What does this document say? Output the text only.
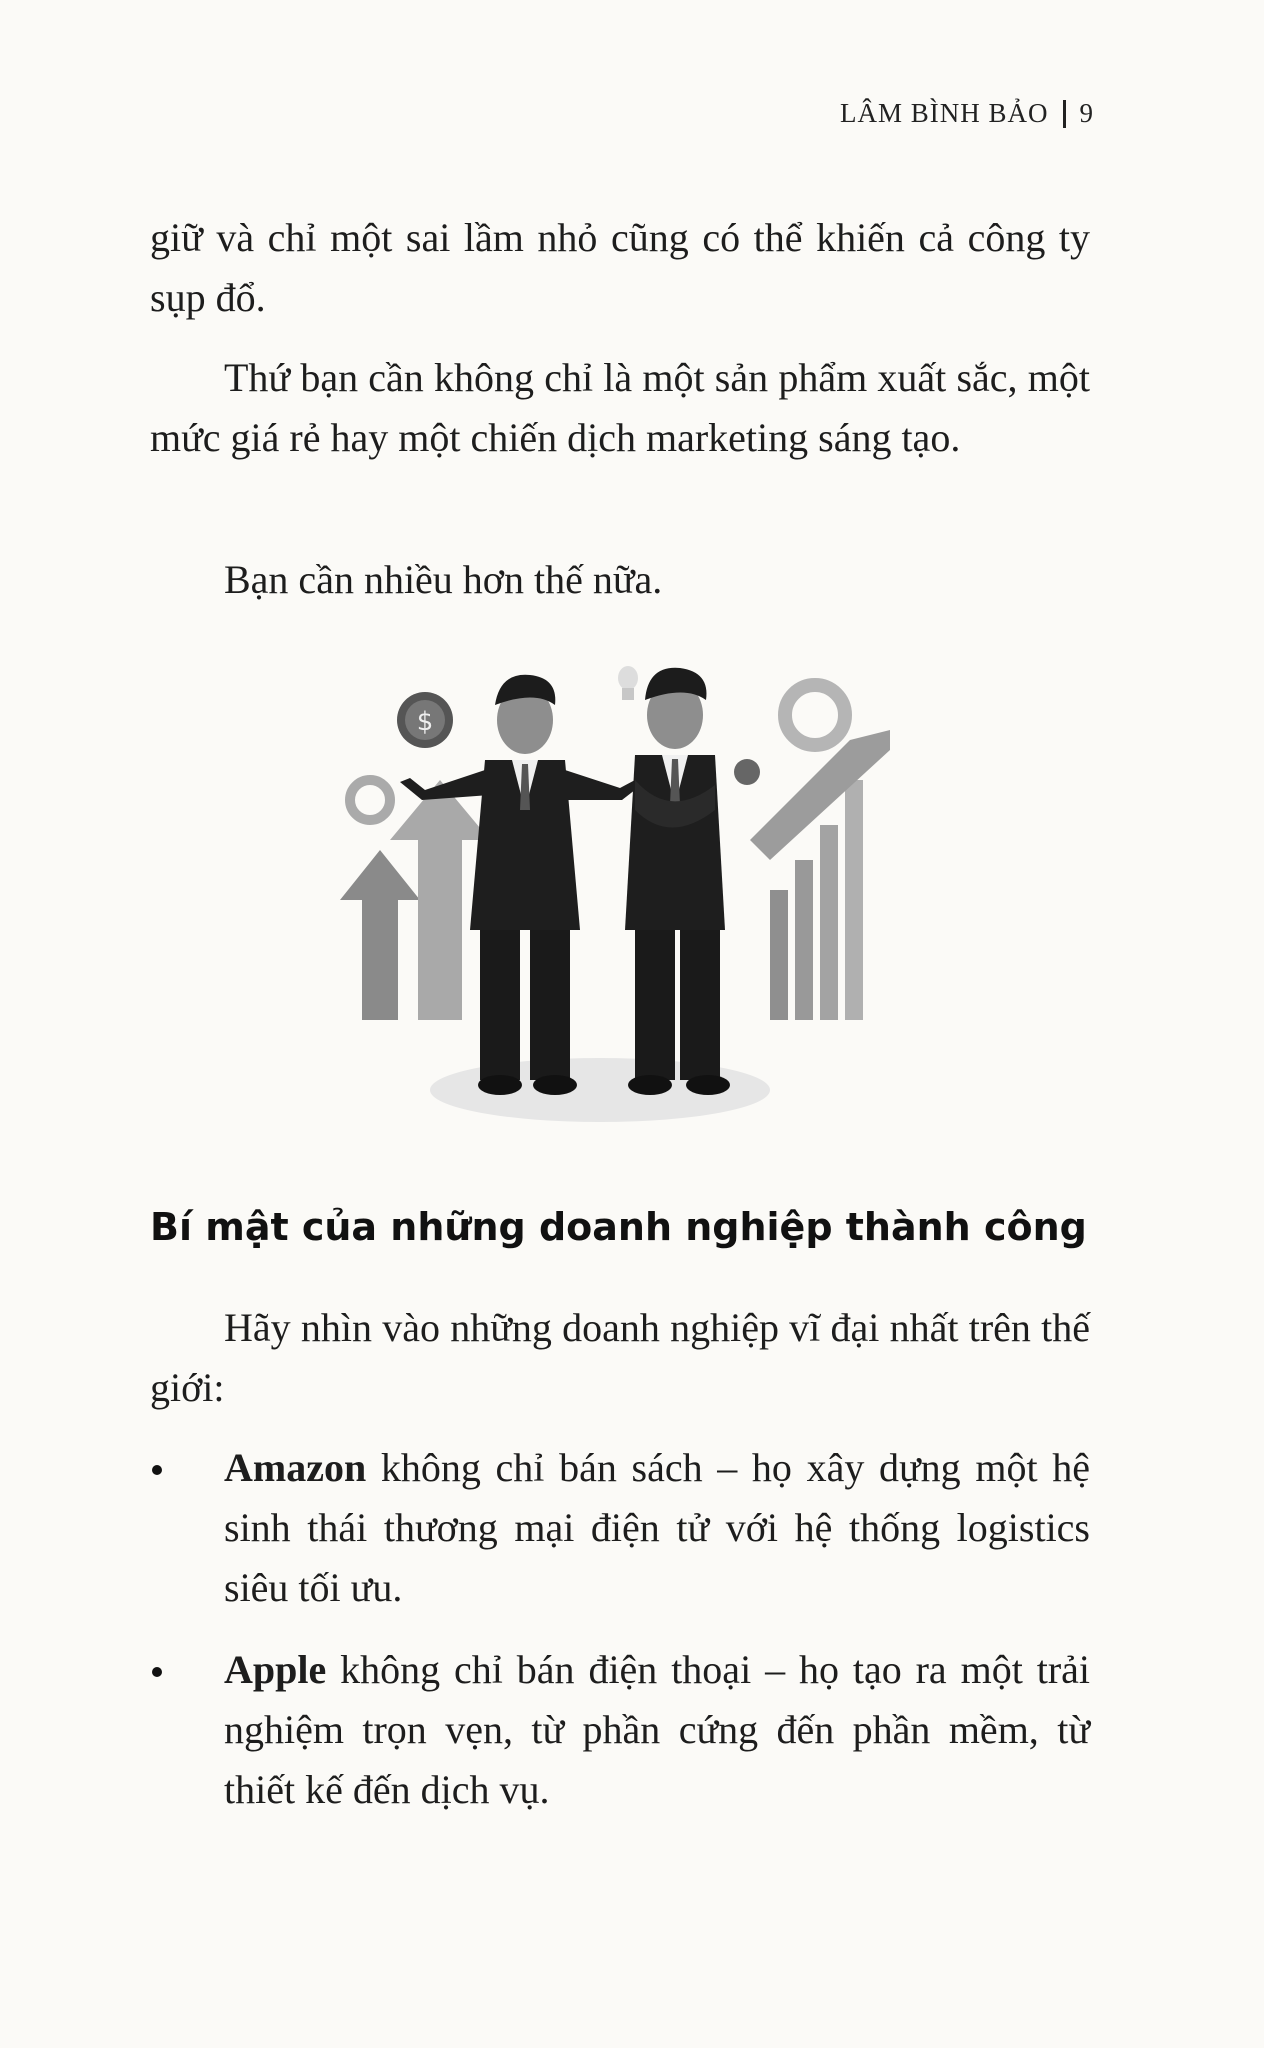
LÂM BÌNH BẢO 9

giữ và chỉ một sai lầm nhỏ cũng có thể khiến cả công ty sụp đổ.

Thứ bạn cần không chỉ là một sản phẩm xuất sắc, một mức giá rẻ hay một chiến dịch marketing sáng tạo.

Bạn cần nhiều hơn thế nữa.

$
Bí mật của những doanh nghiệp thành công

Hãy nhìn vào những doanh nghiệp vĩ đại nhất trên thế giới:

Amazon không chỉ bán sách – họ xây dựng một hệ sinh thái thương mại điện tử với hệ thống logistics siêu tối ưu.
Apple không chỉ bán điện thoại – họ tạo ra một trải nghiệm trọn vẹn, từ phần cứng đến phần mềm, từ thiết kế đến dịch vụ.
